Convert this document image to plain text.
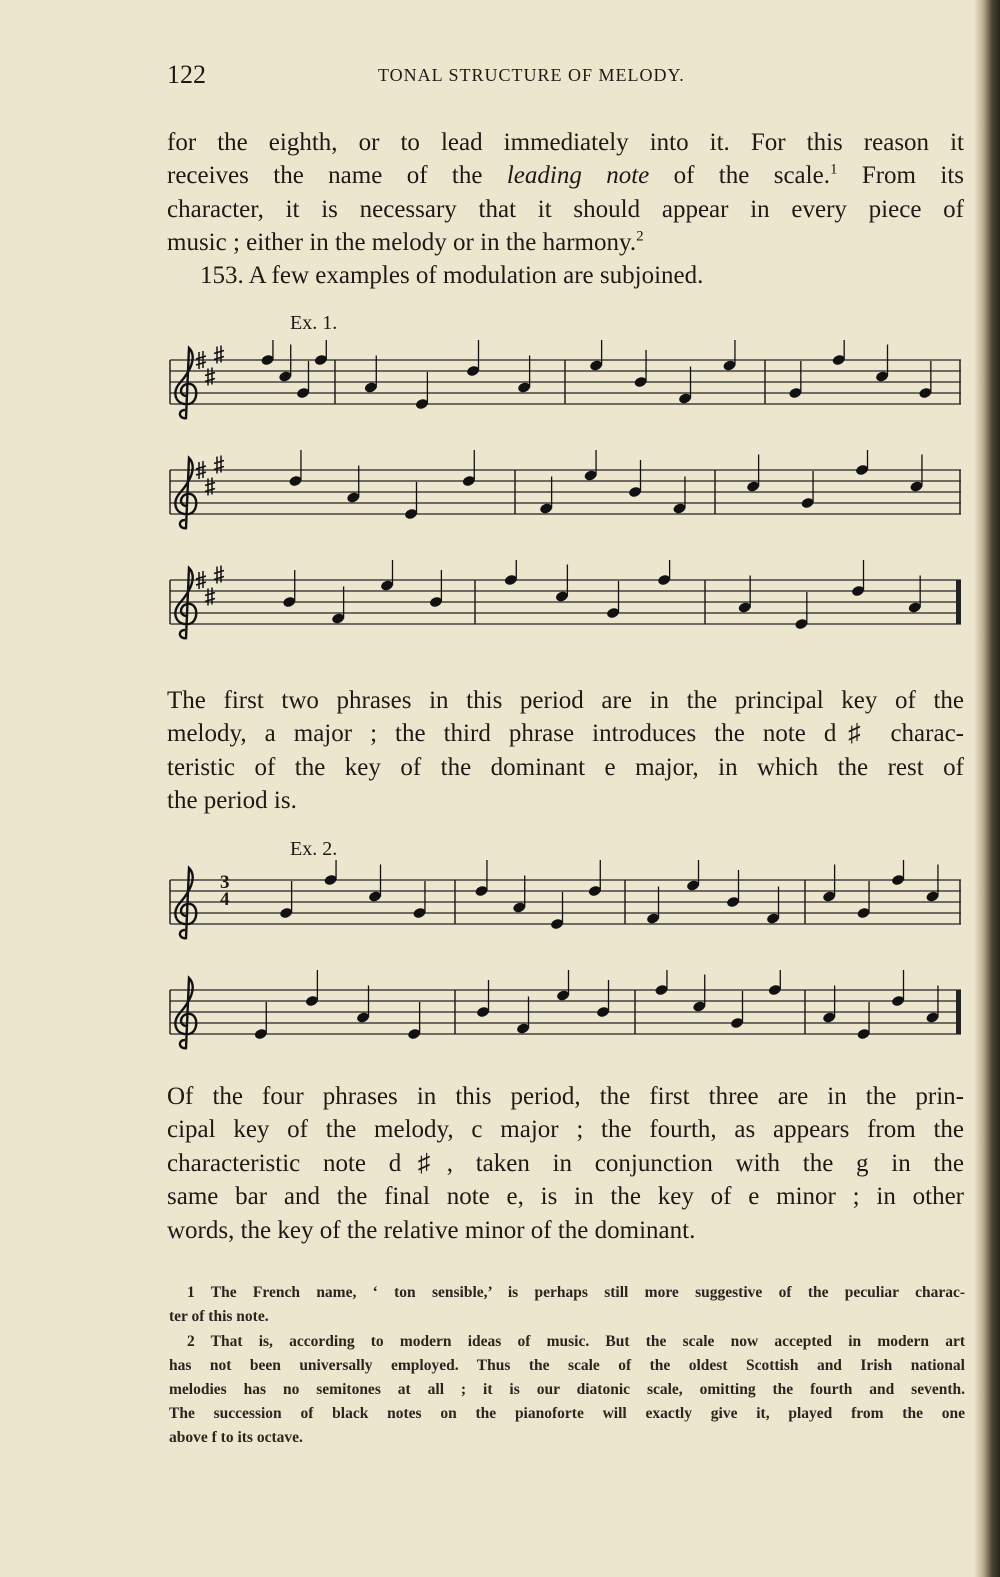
122	TONAL STRUCTURE OF MELODY.
for the eighth, or to lead immediately into it. For this reason it
receives the name of the leading note of the scale.$^1$ From its
character, it is necessary that it should appear in every piece of
music ; either in the melody or in the harmony.$^2$
153. A few examples of modulation are subjoined.
Ex. 1.
The first two phrases in this period are in the principal key of the
melody, a major ; the third phrase introduces the note d♯ charac-
teristic of the key of the dominant e major, in which the rest of
the period is.
Ex. 2.
3
4
Of the four phrases in this period, the first three are in the prin-
cipal key of the melody, c major ; the fourth, as appears from the
characteristic note d♯, taken in conjunction with the g in the
same bar and the final note e, is in the key of e minor ; in other
words, the key of the relative minor of the dominant.
1 The French name, ‘ ton sensible,’ is perhaps still more suggestive of the peculiar charac-
ter of this note.
2 That is, according to modern ideas of music. But the scale now accepted in modern art
has not been universally employed. Thus the scale of the oldest Scottish and Irish national
melodies has no semitones at all ; it is our diatonic scale, omitting the fourth and seventh.
The succession of black notes on the pianoforte will exactly give it, played from the one
above f to its octave.
